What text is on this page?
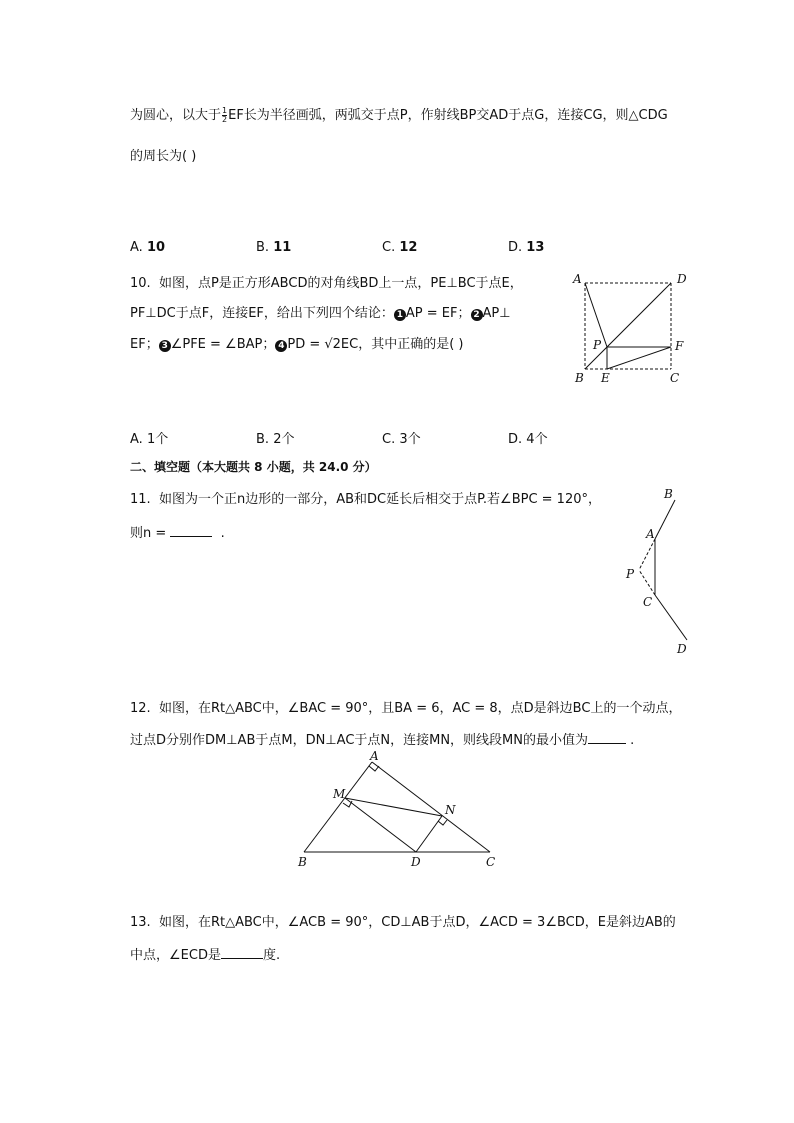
为圆心，以大于 $\frac{1}{2}$ EF长为半径画弧，两弧交于点P，作射线BP交AD于点G，连接CG，则△CDG
的周长为( )
A. 10	B. 11	C. 12	D. 13
10. 如图，点P是正方形ABCD的对角线BD上一点，PE⊥BC于点E，
PF⊥DC于点F，连接EF，给出下列四个结论： 1 AP = EF； 2 AP⊥
EF； 3 ∠PFE = ∠BAP； 4 PD = √2EC，其中正确的是( )
A	D
P	F
B E	C
A. 1个	B. 2个	C. 3个	D. 4个
二、填空题（本大题共 8 小题，共 24.0 分）
11. 如图为一个正n边形的一部分，AB和DC延长后相交于点P.若∠BPC = 120°，
则n =	.
B
A
P
C
D
12. 如图，在Rt△ABC中，∠BAC = 90°，且BA = 6，AC = 8，点D是斜边BC上的一个动点，
过点D分别作DM⊥AB于点M，DN⊥AC于点N，连接MN，则线段MN的最小值为	.
A
M
N
B	D	C
13. 如图，在Rt△ABC中，∠ACB = 90°，CD⊥AB于点D，∠ACD = 3∠BCD，E是斜边AB的
中点，∠ECD是	度.
